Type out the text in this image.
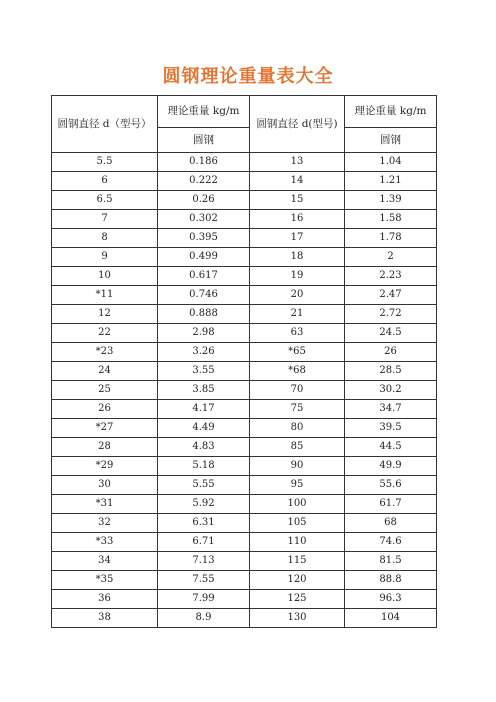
圆钢理论重量表大全
圆钢直径 d（型号）	理论重量 kg/m	圆钢直径 d(型号)	理论重量 kg/m
	圆钢		圆钢
5.5	0.186	13	1.04
6	0.222	14	1.21
6.5	0.26	15	1.39
7	0.302	16	1.58
8	0.395	17	1.78
9	0.499	18	2
10	0.617	19	2.23
*11	0.746	20	2.47
12	0.888	21	2.72
22	2.98	63	24.5
*23	3.26	*65	26
24	3.55	*68	28.5
25	3.85	70	30.2
26	4.17	75	34.7
*27	4.49	80	39.5
28	4.83	85	44.5
*29	5.18	90	49.9
30	5.55	95	55.6
*31	5.92	100	61.7
32	6.31	105	68
*33	6.71	110	74.6
34	7.13	115	81.5
*35	7.55	120	88.8
36	7.99	125	96.3
38	8.9	130	104
